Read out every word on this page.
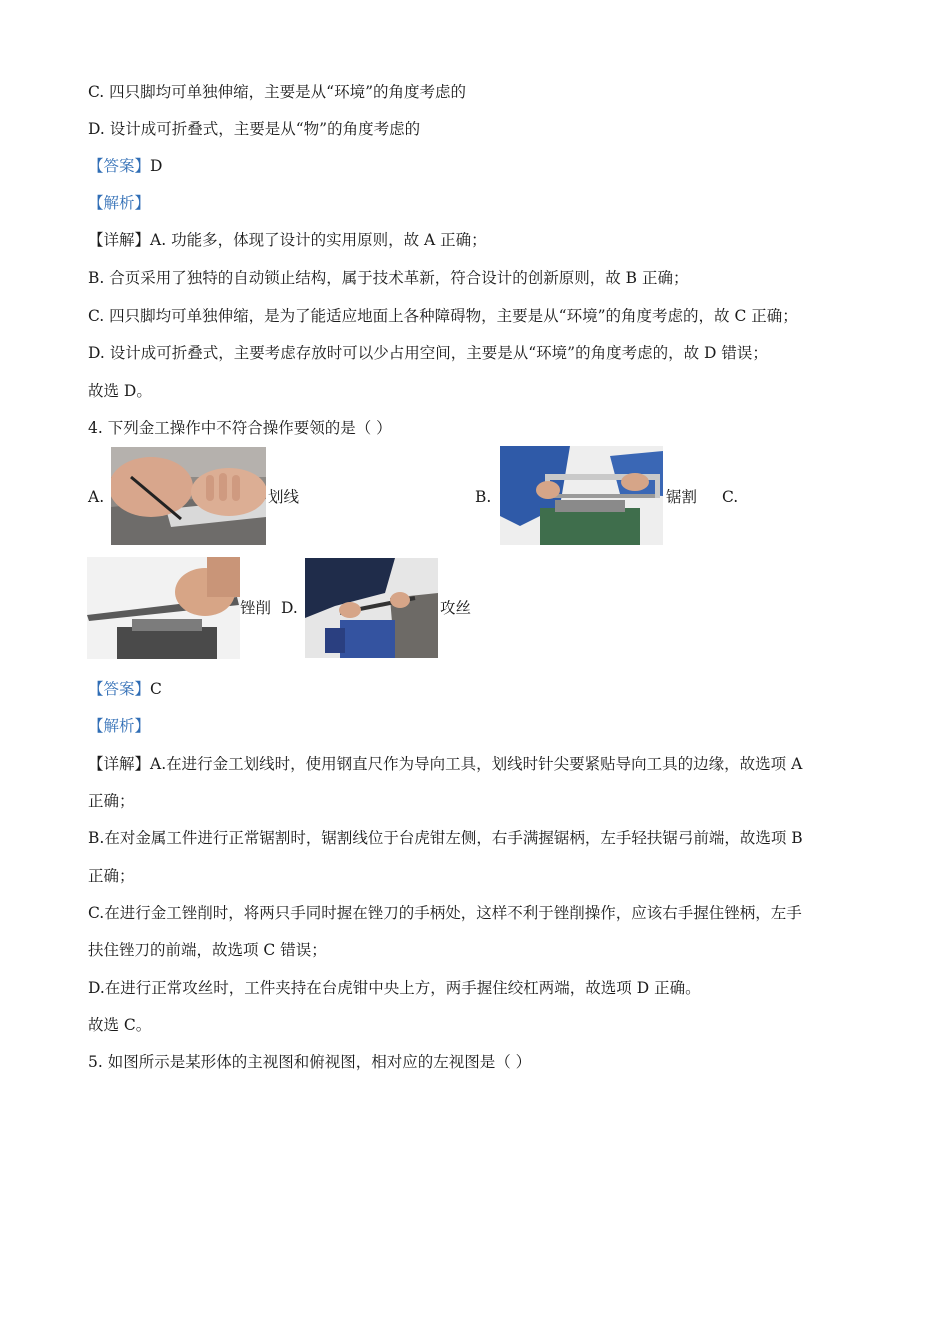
C. 四只脚均可单独伸缩，主要是从“环境”的角度考虑的
D. 设计成可折叠式，主要是从“物”的角度考虑的
【答案】D
【解析】
【详解】A. 功能多，体现了设计的实用原则，故 A 正确；
B. 合页采用了独特的自动锁止结构，属于技术革新，符合设计的创新原则，故 B 正确；
C. 四只脚均可单独伸缩，是为了能适应地面上各种障碍物，主要是从“环境”的角度考虑的，故 C 正确；
D. 设计成可折叠式，主要考虑存放时可以少占用空间，主要是从“环境”的角度考虑的，故 D 错误；
故选 D。
4. 下列金工操作中不符合操作要领的是（ ）
A.	划线	B.	锯割 C.
锉削 D.	攻丝
【答案】C
【解析】
【详解】A.在进行金工划线时，使用钢直尺作为导向工具，划线时针尖要紧贴导向工具的边缘，故选项 A
正确；
B.在对金属工件进行正常锯割时，锯割线位于台虎钳左侧，右手满握锯柄，左手轻扶锯弓前端，故选项 B
正确；
C.在进行金工锉削时，将两只手同时握在锉刀的手柄处，这样不利于锉削操作，应该右手握住锉柄，左手
扶住锉刀的前端，故选项 C 错误；
D.在进行正常攻丝时，工件夹持在台虎钳中央上方，两手握住绞杠两端，故选项 D 正确。
故选 C。
5. 如图所示是某形体的主视图和俯视图，相对应的左视图是（ ）
